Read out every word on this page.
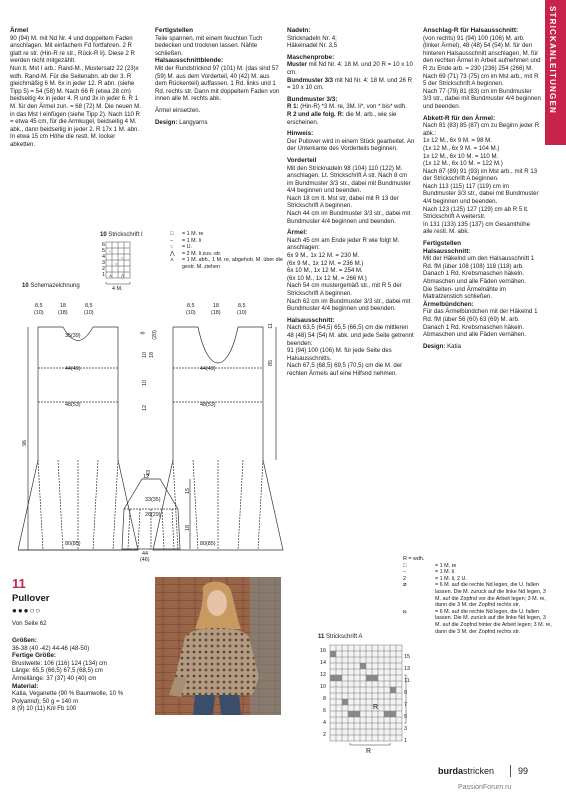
STRICKANLEITUNGEN
Ärmel

90 (94) M. mit Nd Nr. 4 und doppeltem Faden anschlagen. Mit einfachem Fd fortfahren. 2 R glatt re str. (Hin-R re str., Rück-R li). Diese 2 R werden nicht mitgezählt.
Nun lt. Mst I arb.: Rand-M., Mustersatz 22 (23)x wdh. Rand-M. Für die Seitenabn. ab der 3. R gleichmäßig 6 M. 6x in jeder 12. R abn. (siehe Tipp 5) = 54 (58) M. Nach 66 R (etwa 28 cm) beidseitig 4x in jeder 4. R und 3x in jeder 6. R 1 M. für den Ärmel zun. = 68 (72) M. Die neuen M. in das Mst I einfügen (siehe Tipp 2). Nach 110 R = etwa 45 cm, für die Armkugel, beidseitig 4 M. abk., dann beidseitig in jeder 2. R 17x 1 M. abn.
In etwa 15 cm Höhe die restl. M. locker abketten.

Fertigstellen

Teile spannen, mit einem feuchten Tuch bedecken und trocknen lassen. Nähte schließen.

Halsausschnittblende:

Mit der Rundstricknd 97 (101) M. (das sind 57 (59) M. aus dem Vorderteil, 40 (42) M. aus dem Rückenteil) auffassen. 1 Rd. links und 1 Rd. rechts str. Dann mit doppeltem Faden von innen alle M. rechts abk.

Ärmel einsetzen.

Design: Langyarns

Nadeln:

Stricknadeln Nr. 4;
Häkelnadel Nr. 3,5

Maschenprobe:

Muster mit Nd Nr. 4: 18 M. und 20 R = 10 x 10 cm.

Bundmuster 3/3 mit Nd Nr. 4: 18 M. und 26 R = 10 x 10 cm.

Bundmuster 3/3:

R 1: (Hin-R) *3 M. re, 3M. li*, von * bis* wdh.

R 2 und alle folg. R: die M. arb., wie sie erscheinen.

Hinweis:

Der Pullover wird in einem Stück gearbeitet. An der Unterkante des Vorderteils beginnen.

Vorderteil

Mit den Stricknadeln 98 (104) 110 (122) M. anschlagen. Lt. Strickschrift A str. Nach 8 cm im Bundmuster 3/3 str., dabei mit Bundmuster 4/4 beginnen und beenden.
Nach 18 cm lt. Mst str, dabei mit R 13 der Strickschrift A beginnen.
Nach 44 cm im Bundmuster 3/3 str., dabei mit Bundmuster 4/4 beginnen und beenden.

Ärmel:

Nach 45 cm am Ende jeder R wie folgt M. anschlagen:
6x 9 M., 1x 12 M. = 230 M.
(6x 9 M., 1x 12 M. = 236 M.)
6x 10 M., 1x 12 M. = 254 M.
(6x 10 M., 1x 12 M. = 266 M.)
Nach 54 cm mustergemäß str., mit R 5 der Strickschrift A beginnen.
Nach 62 cm im Bundmuster 3/3 str., dabei mit Bundmuster 4/4 beginnen und beenden.

Halsausschnitt:

Nach 63,5 (64,5) 65,5 (66,5) cm die mittleren 48 (48) 54 (54) M. abk. und jede Seite getrennt beenden:
91 (94) 100 (106) M. für jede Seite des Halsausschnitts.
Nach 67,5 (68,5) 69,5 (70,5) cm die M. der rechten Ärmels auf eine Hilfsnd nehmen.

Anschlag-R für Halsausschnitt:

(von rechts) 91 (94) 100 (106) M. arb. (linker Ärmel), 48 (48) 54 (54) M. für den hinteren Halsausschnitt anschlagen, M. für den rechten Ärmel in Arbeit aufnehmen und R zu Ende arb. = 230 (236) 254 (266) M.
Nach 69 (71) 73 (75) cm im Mst arb., mit R 5 der Strickschrift A beginnen.
Nach 77 (79) 81 (83) cm im Bundmuster 3/3 str., dabei mit Bundmuster 4/4 beginnen und beenden.

Abkett-R für den Ärmel:

Nach 81 (83) 85 (87) cm zu Beginn jeder R abk.:
1x 12 M., 6x 9 M. = 98 M.
(1x 12 M., 6x 9 M. = 104 M.)
1x 12 M., 6x 10 M. = 110 M.
(1x 12 M., 6x 10 M. = 122 M.)
Nach 87 (89) 91 (93) im Mst arb., mit R 13 der Strickschrift A beginnen.
Nach 113 (115) 117 (119) cm im Bundmuster 3/3 str., dabei mit Bundmuster 4/4 beginnen und beenden.
Nach 123 (125) 127 (129) cm ab R 5 lt. Strickschrift A weiterstr.
In 131 (133) 135 (137) cm Gesamthöhe alle restl. M. abk.

Fertigstellen
Halsausschnitt:

Mit der Häkelnd um den Halsausschnitt 1 Rd. fM (über 108 (108) 118 (118) arb. Danach 1 Rd. Krebsmaschen häkeln. Abmaschen und alle Fäden vernähen.
Die Seiten- und Ärmelnähte im Matratzenstich schließen.

Ärmelbündchen:

Für das Ärmelbündchen mit der Häkelnd 1 Rd. fM (über 56 (60) 63 (69) M. arb. Danach 1 Rd. Krebsmaschen häkeln. Abmaschen und alle Fäden vernähen.

Design: Katia

10 Strickschrift I
−
○
○
⋏ ⋀
6
5
4
3
2
1
4 M.
□	= 1 M. re
−	= 1 M. li
○	= U.
⋀	= 2 M. li zus.-str.
⋏	= 1 M. abh., 1 M. re, abgehob. M. über die gestr. M. ziehen
10 Schemazeichnung
8,5	18	8,5
(10)	(18)	(10)
35(39)
44(49)
48(53)
80(85)
96
8,5	18	8,5
(10)	(18)	(10)
44(49)
48(53)
80(85)
85
11
8
10 18
10
12
43
(20)
12
33(35)
26(29)
44
(46)
15
18
11
Pullover
●●●○○
Von Seite 62
Größen:

36-38 (40 -42) 44-46 (48-50)

Fertige Größe:

Brustweite: 106 (116) 124 (134) cm
Länge: 65,5 (66,5) 67,5 (68,5) cm
Ärmellänge: 37 (37) 40 (40) cm

Material:

Katia, Veganette (90 % Baumwolle, 10 % Polyamid); 50 g = 140 m
8 (9) 10 (11) Knl Fb 100

11 Strickschrift A
16
14
12
10
8
6
4
2
15
13
11
9
7
5
3
1
R
R
R = wdh.
□	= 1 M. re
−	= 1 M. li
2	= 1 M. li, 2 U.
⧄	= 6 M. auf die rechte Nd legen, die U. fallen lassen. Die M. zurück auf die linke Nd legen, 3 M. auf die Zopfnd vor die Arbeit legen; 3 M. re, dann die 3 M. der Zopfnd rechts str.
⧅	= 6 M. auf die rechte Nd legen, die U. fallen lassen. Die M. zurück auf die linke Nd legen, 3 M. auf die Zopfnd hinter die Arbeit legen; 3 M. re, dann die 3 M. der Zopfnd rechts str.
burdastricken	99
PassionForum.ru
